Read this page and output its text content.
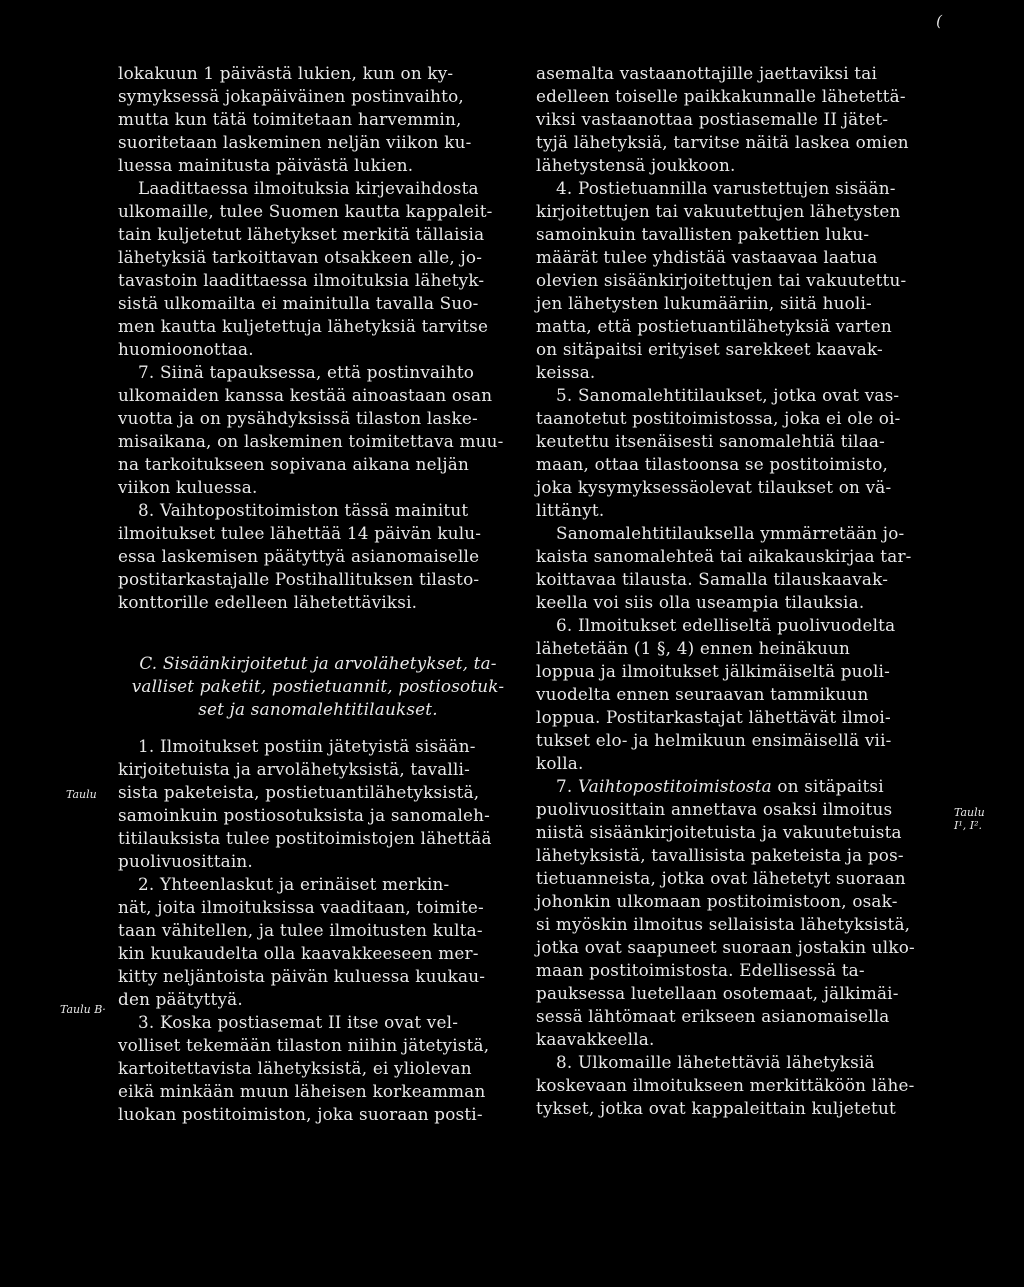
(
lokakuun 1 päivästä lukien, kun on ky-
symyksessä jokapäiväinen postinvaihto,
mutta kun tätä toimitetaan harvemmin,
suoritetaan laskeminen neljän viikon ku-
luessa mainitusta päivästä lukien.
Laadittaessa ilmoituksia kirjevaihdosta
ulkomaille, tulee Suomen kautta kappaleit-
tain kuljetetut lähetykset merkitä tällaisia
lähetyksiä tarkoittavan otsakkeen alle, jo-
tavastoin laadittaessa ilmoituksia lähetyk-
sistä ulkomailta ei mainitulla tavalla Suo-
men kautta kuljetettuja lähetyksiä tarvitse
huomioonottaa.
7. Siinä tapauksessa, että postinvaihto
ulkomaiden kanssa kestää ainoastaan osan
vuotta ja on pysähdyksissä tilaston laske-
misaikana, on laskeminen toimitettava muu-
na tarkoitukseen sopivana aikana neljän
viikon kuluessa.
8. Vaihtopostitoimiston tässä mainitut
ilmoitukset tulee lähettää 14 päivän kulu-
essa laskemisen päätyttyä asianomaiselle
postitarkastajalle Postihallituksen tilasto-
konttorille edelleen lähetettäviksi.
C. Sisäänkirjoitetut ja arvolähetykset, ta-
valliset paketit, postietuannit, postiosotuk-
set ja sanomalehtitilaukset.
1. Ilmoitukset postiin jätetyistä sisään-
kirjoitetuista ja arvolähetyksistä, tavalli-
sista paketeista, postietuantilähetyksistä,
samoinkuin postiosotuksista ja sanomaleh-
titilauksista tulee postitoimistojen lähettää
puolivuosittain.
2. Yhteenlaskut ja erinäiset merkin-
nät, joita ilmoituksissa vaaditaan, toimite-
taan vähitellen, ja tulee ilmoitusten kulta-
kin kuukaudelta olla kaavakkeeseen mer-
kitty neljäntoista päivän kuluessa kuukau-
den päätyttyä.
3. Koska postiasemat II itse ovat vel-
volliset tekemään tilaston niihin jätetyistä,
kartoitettavista lähetyksistä, ei yliolevan
eikä minkään muun läheisen korkeamman
luokan postitoimiston, joka suoraan posti-
asemalta vastaanottajille jaettaviksi tai
edelleen toiselle paikkakunnalle lähetettä-
viksi vastaanottaa postiasemalle II jätet-
tyjä lähetyksiä, tarvitse näitä laskea omien
lähetystensä joukkoon.
4. Postietuannilla varustettujen sisään-
kirjoitettujen tai vakuutettujen lähetysten
samoinkuin tavallisten pakettien luku-
määrät tulee yhdistää vastaavaa laatua
olevien sisäänkirjoitettujen tai vakuutettu-
jen lähetysten lukumääriin, siitä huoli-
matta, että postietuantilähetyksiä varten
on sitäpaitsi erityiset sarekkeet kaavak-
keissa.
5. Sanomalehtitilaukset, jotka ovat vas-
taanotetut postitoimistossa, joka ei ole oi-
keutettu itsenäisesti sanomalehtiä tilaa-
maan, ottaa tilastoonsa se postitoimisto,
joka kysymyksessäolevat tilaukset on vä-
littänyt.
Sanomalehtitilauksella ymmärretään jo-
kaista sanomalehteä tai aikakauskirjaa tar-
koittavaa tilausta. Samalla tilauskaavak-
keella voi siis olla useampia tilauksia.
6. Ilmoitukset edelliseltä puolivuodelta
lähetetään (1 §, 4) ennen heinäkuun
loppua ja ilmoitukset jälkimäiseltä puoli-
vuodelta ennen seuraavan tammikuun
loppua. Postitarkastajat lähettävät ilmoi-
tukset elo- ja helmikuun ensimäisellä vii-
kolla.
7. Vaihtopostitoimistosta on sitäpaitsi
puolivuosittain annettava osaksi ilmoitus
niistä sisäänkirjoitetuista ja vakuutetuista
lähetyksistä, tavallisista paketeista ja pos-
tietuanneista, jotka ovat lähetetyt suoraan
johonkin ulkomaan postitoimistoon, osak-
si myöskin ilmoitus sellaisista lähetyksistä,
jotka ovat saapuneet suoraan jostakin ulko-
maan postitoimistosta. Edellisessä ta-
pauksessa luetellaan osotemaat, jälkimäi-
sessä lähtömaat erikseen asianomaisella
kaavakkeella.
8. Ulkomaille lähetettäviä lähetyksiä
koskevaan ilmoitukseen merkittäköön lähe-
tykset, jotka ovat kappaleittain kuljetetut
Taulu
Taulu B·
Taulu
I¹, I².
